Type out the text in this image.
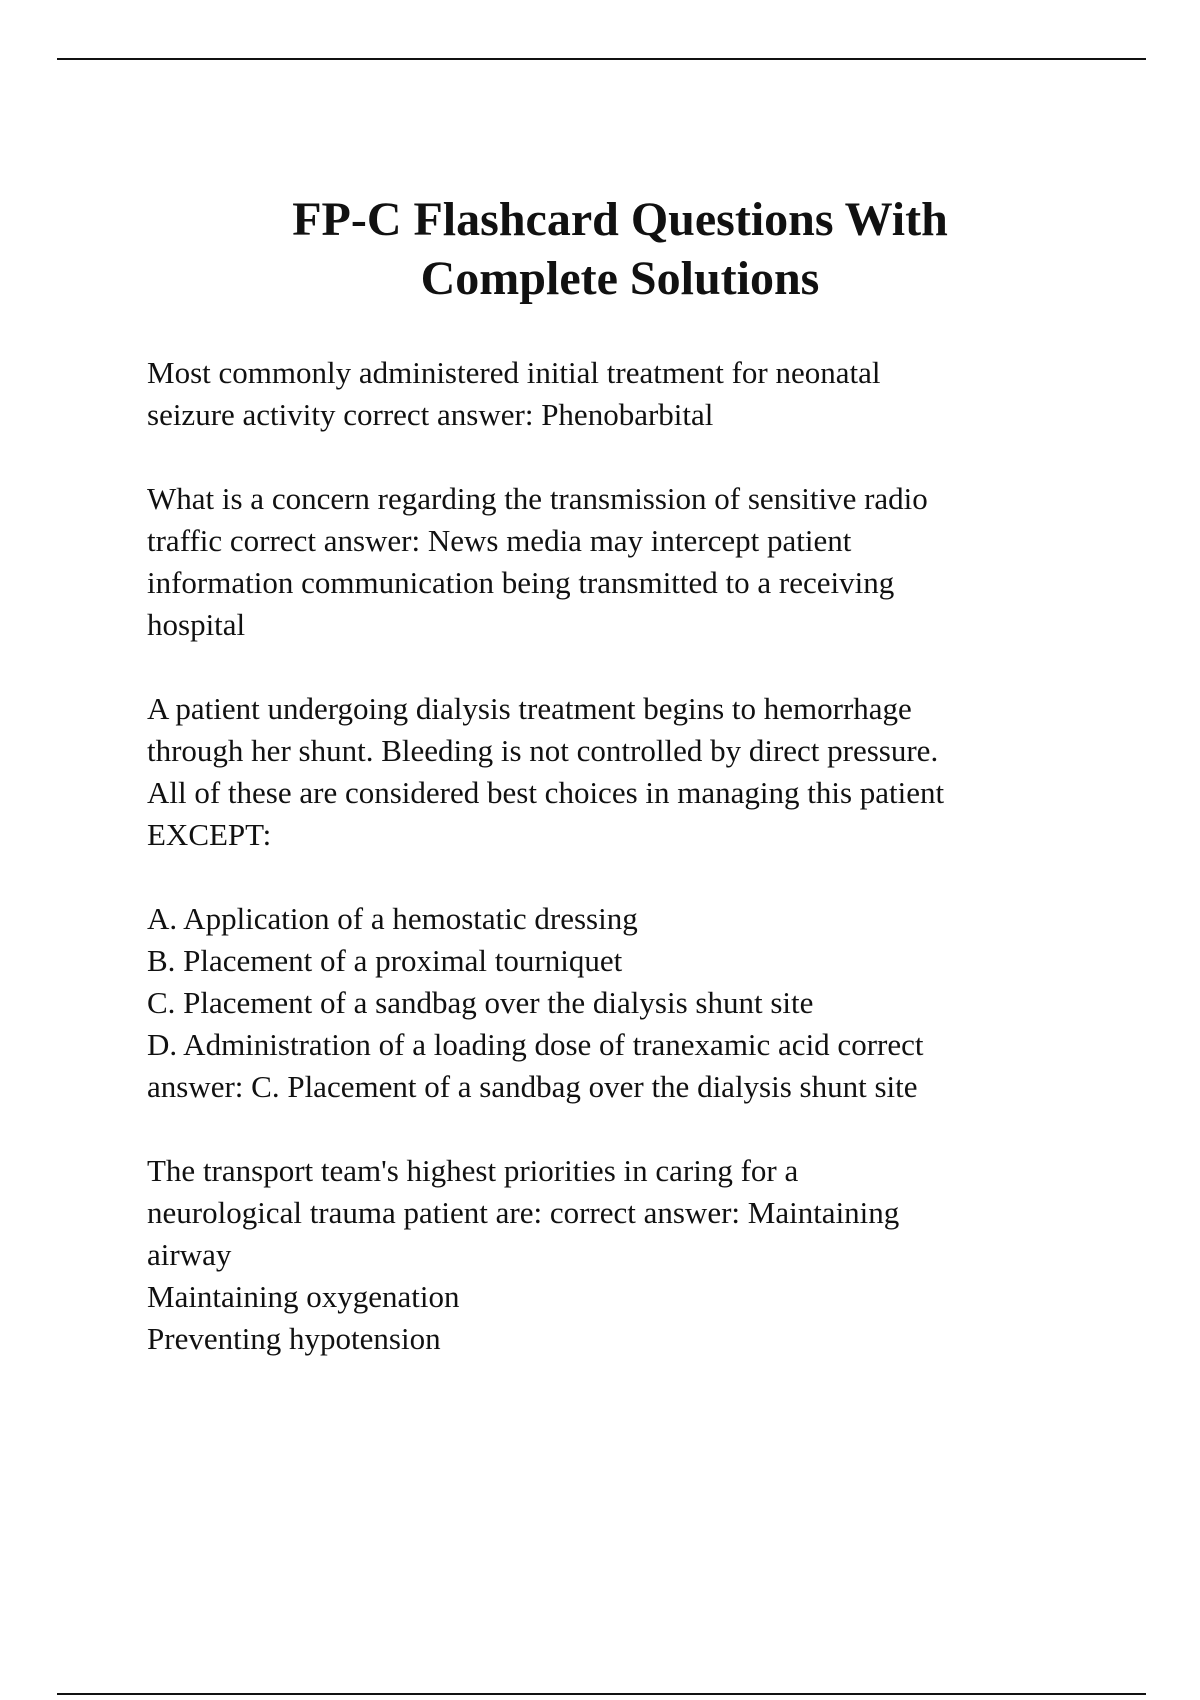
FP-C Flashcard Questions With
Complete Solutions
Most commonly administered initial treatment for neonatal
seizure activity correct answer: Phenobarbital
What is a concern regarding the transmission of sensitive radio
traffic correct answer: News media may intercept patient
information communication being transmitted to a receiving
hospital
A patient undergoing dialysis treatment begins to hemorrhage
through her shunt. Bleeding is not controlled by direct pressure.
All of these are considered best choices in managing this patient
EXCEPT:
A. Application of a hemostatic dressing
B. Placement of a proximal tourniquet
C. Placement of a sandbag over the dialysis shunt site
D. Administration of a loading dose of tranexamic acid correct
answer: C. Placement of a sandbag over the dialysis shunt site
The transport team's highest priorities in caring for a
neurological trauma patient are: correct answer: Maintaining
airway
Maintaining oxygenation
Preventing hypotension
